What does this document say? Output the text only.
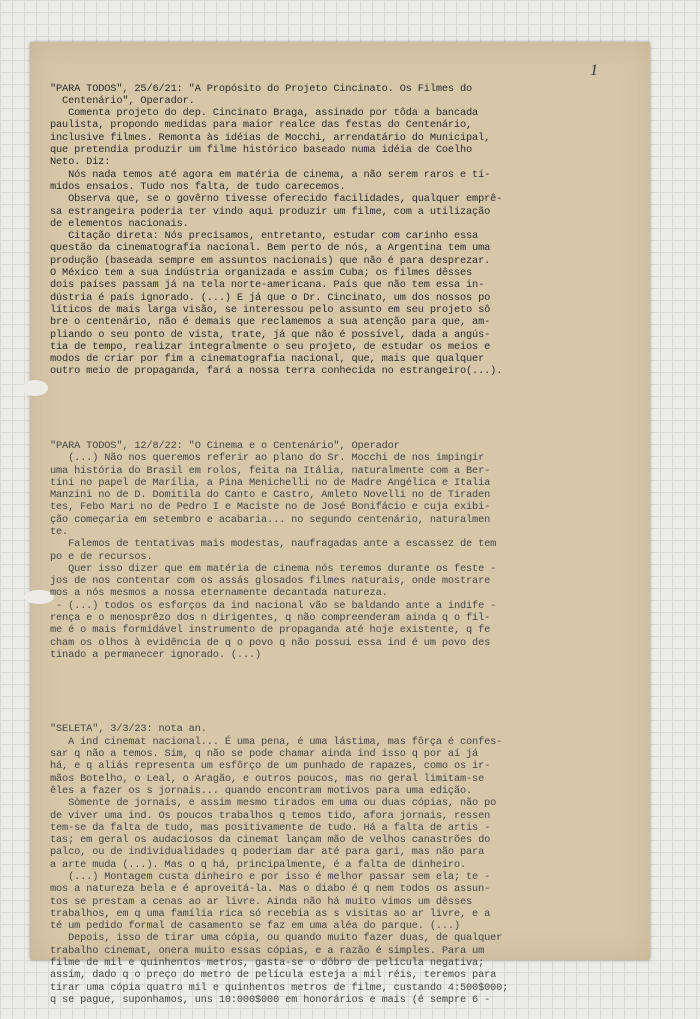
1

"PARA TODOS", 25/6/21: "A Propósito do Projeto Cincinato. Os Filmes do
Centenário", Operador.
Comenta projeto do dep. Cincinato Braga, assinado por tôda a bancada
paulista, propondo medidas para maior realce das festas do Centenário,
inclusive filmes. Remonta às idéias de Mocchi, arrendatário do Municipal,
que pretendia produzir um filme histórico baseado numa idéia de Coelho
Neto. Diz:
Nós nada temos até agora em matéria de cinema, a não serem raros e tí-
midos ensaios. Tudo nos falta, de tudo carecemos.
Observa que, se o govêrno tivesse oferecido facilidades, qualquer emprê-
sa estrangeira poderia ter vindo aqui produzir um filme, com a utilização
de elementos nacionais.
Citação direta: Nós precisamos, entretanto, estudar com carinho essa
questão da cinematografia nacional. Bem perto de nós, a Argentina tem uma
produção (baseada sempre em assuntos nacionais) que não é para desprezar.
O México tem a sua indústria organizada e assim Cuba; os filmes dêsses
dois países passam já na tela norte-americana. País que não tem essa in-
dústria é país ignorado. (...) E já que o Dr. Cincinato, um dos nossos po
líticos de mais larga visão, se interessou pelo assunto em seu projeto sô
bre o centenário, não é demais que reclamemos a sua atenção para que, am-
pliando o seu ponto de vista, trate, já que não é possível, dada a angús-
tia de tempo, realizar integralmente o seu projeto, de estudar os meios e
modos de criar por fim a cinematografia nacional, que, mais que qualquer
outro meio de propaganda, fará a nossa terra conhecida no estrangeiro(...).

"PARA TODOS", 12/8/22: "O Cinema e o Centenário", Operador
(...) Não nos queremos referir ao plano do Sr. Mocchi de nos impingir
uma história do Brasil em rolos, feita na Itália, naturalmente com a Ber-
tini no papel de Marília, a Pina Menichelli no de Madre Angélica e Italia
Manzini no de D. Domitila do Canto e Castro, Amleto Novelli no de Tiraden
tes, Febo Mari no de Pedro I e Maciste no de José Bonifácio e cuja exibi-
ção começaria em setembro e acabaria... no segundo centenário, naturalmen
te.
Falemos de tentativas mais modestas, naufragadas ante a escassez de tem
po e de recursos.
Quer isso dizer que em matéria de cinema nós teremos durante os feste -
jos de nos contentar com os assás glosados filmes naturais, onde mostrare
mos a nós mesmos a nossa eternamente decantada natureza.
- (...) todos os esforços da ind nacional vão se baldando ante a indife -
rença e o menosprêzo dos n dirigentes, q não compreenderam ainda q o fil-
me é o mais formidável instrumento de propaganda até hoje existente, q fe
cham os olhos à evidência de q o povo q não possui essa ind é um povo des
tinado a permanecer ignorado. (...)

"SELETA", 3/3/23: nota an.
A ind cinemat nacional... É uma pena, é uma lástima, mas fôrça é confes-
sar q não a temos. Sim, q não se pode chamar ainda ind isso q por aí já
há, e q aliás representa um esfôrço de um punhado de rapazes, como os ir-
mãos Botelho, o Leal, o Aragão, e outros poucos, mas no geral limitam-se
êles a fazer os s jornais... quando encontram motivos para uma edição.
Sòmente de jornais, e assim mesmo tirados em uma ou duas cópias, não po
de viver uma ind. Os poucos trabalhos q temos tido, afora jornais, ressen
tem-se da falta de tudo, mas positivamente de tudo. Há a falta de artis -
tas; em geral os audaciosos da cinemat lançam mão de velhos canastrões do
palco, ou de individualidades q poderiam dar até para gari, mas não para
a arte muda (...). Mas o q há, principalmente, é a falta de dinheiro.
(...) Montagem custa dinheiro e por isso é melhor passar sem ela; te -
mos a natureza bela e é aproveitá-la. Mas o diabo é q nem todos os assun-
tos se prestam a cenas ao ar livre. Ainda não há muito vimos um dêsses
trabalhos, em q uma família rica só recebia as s visitas ao ar livre, e a
té um pedido formal de casamento se faz em uma aléa do parque. (...)
Depois, isso de tirar uma cópia, ou quando muito fazer duas, de qualquer
trabalho cinemat, onera muito essas cópias, e a razão é simples. Para um
filme de mil e quinhentos metros, gasta-se o dôbro de película negativa;
assim, dado q o preço do metro de película esteja a mil réis, teremos para
tirar uma cópia quatro mil e quinhentos metros de filme, custando 4:500$000;
q se pague, suponhamos, uns 10:000$000 em honorários e mais (é sempre 6 -
